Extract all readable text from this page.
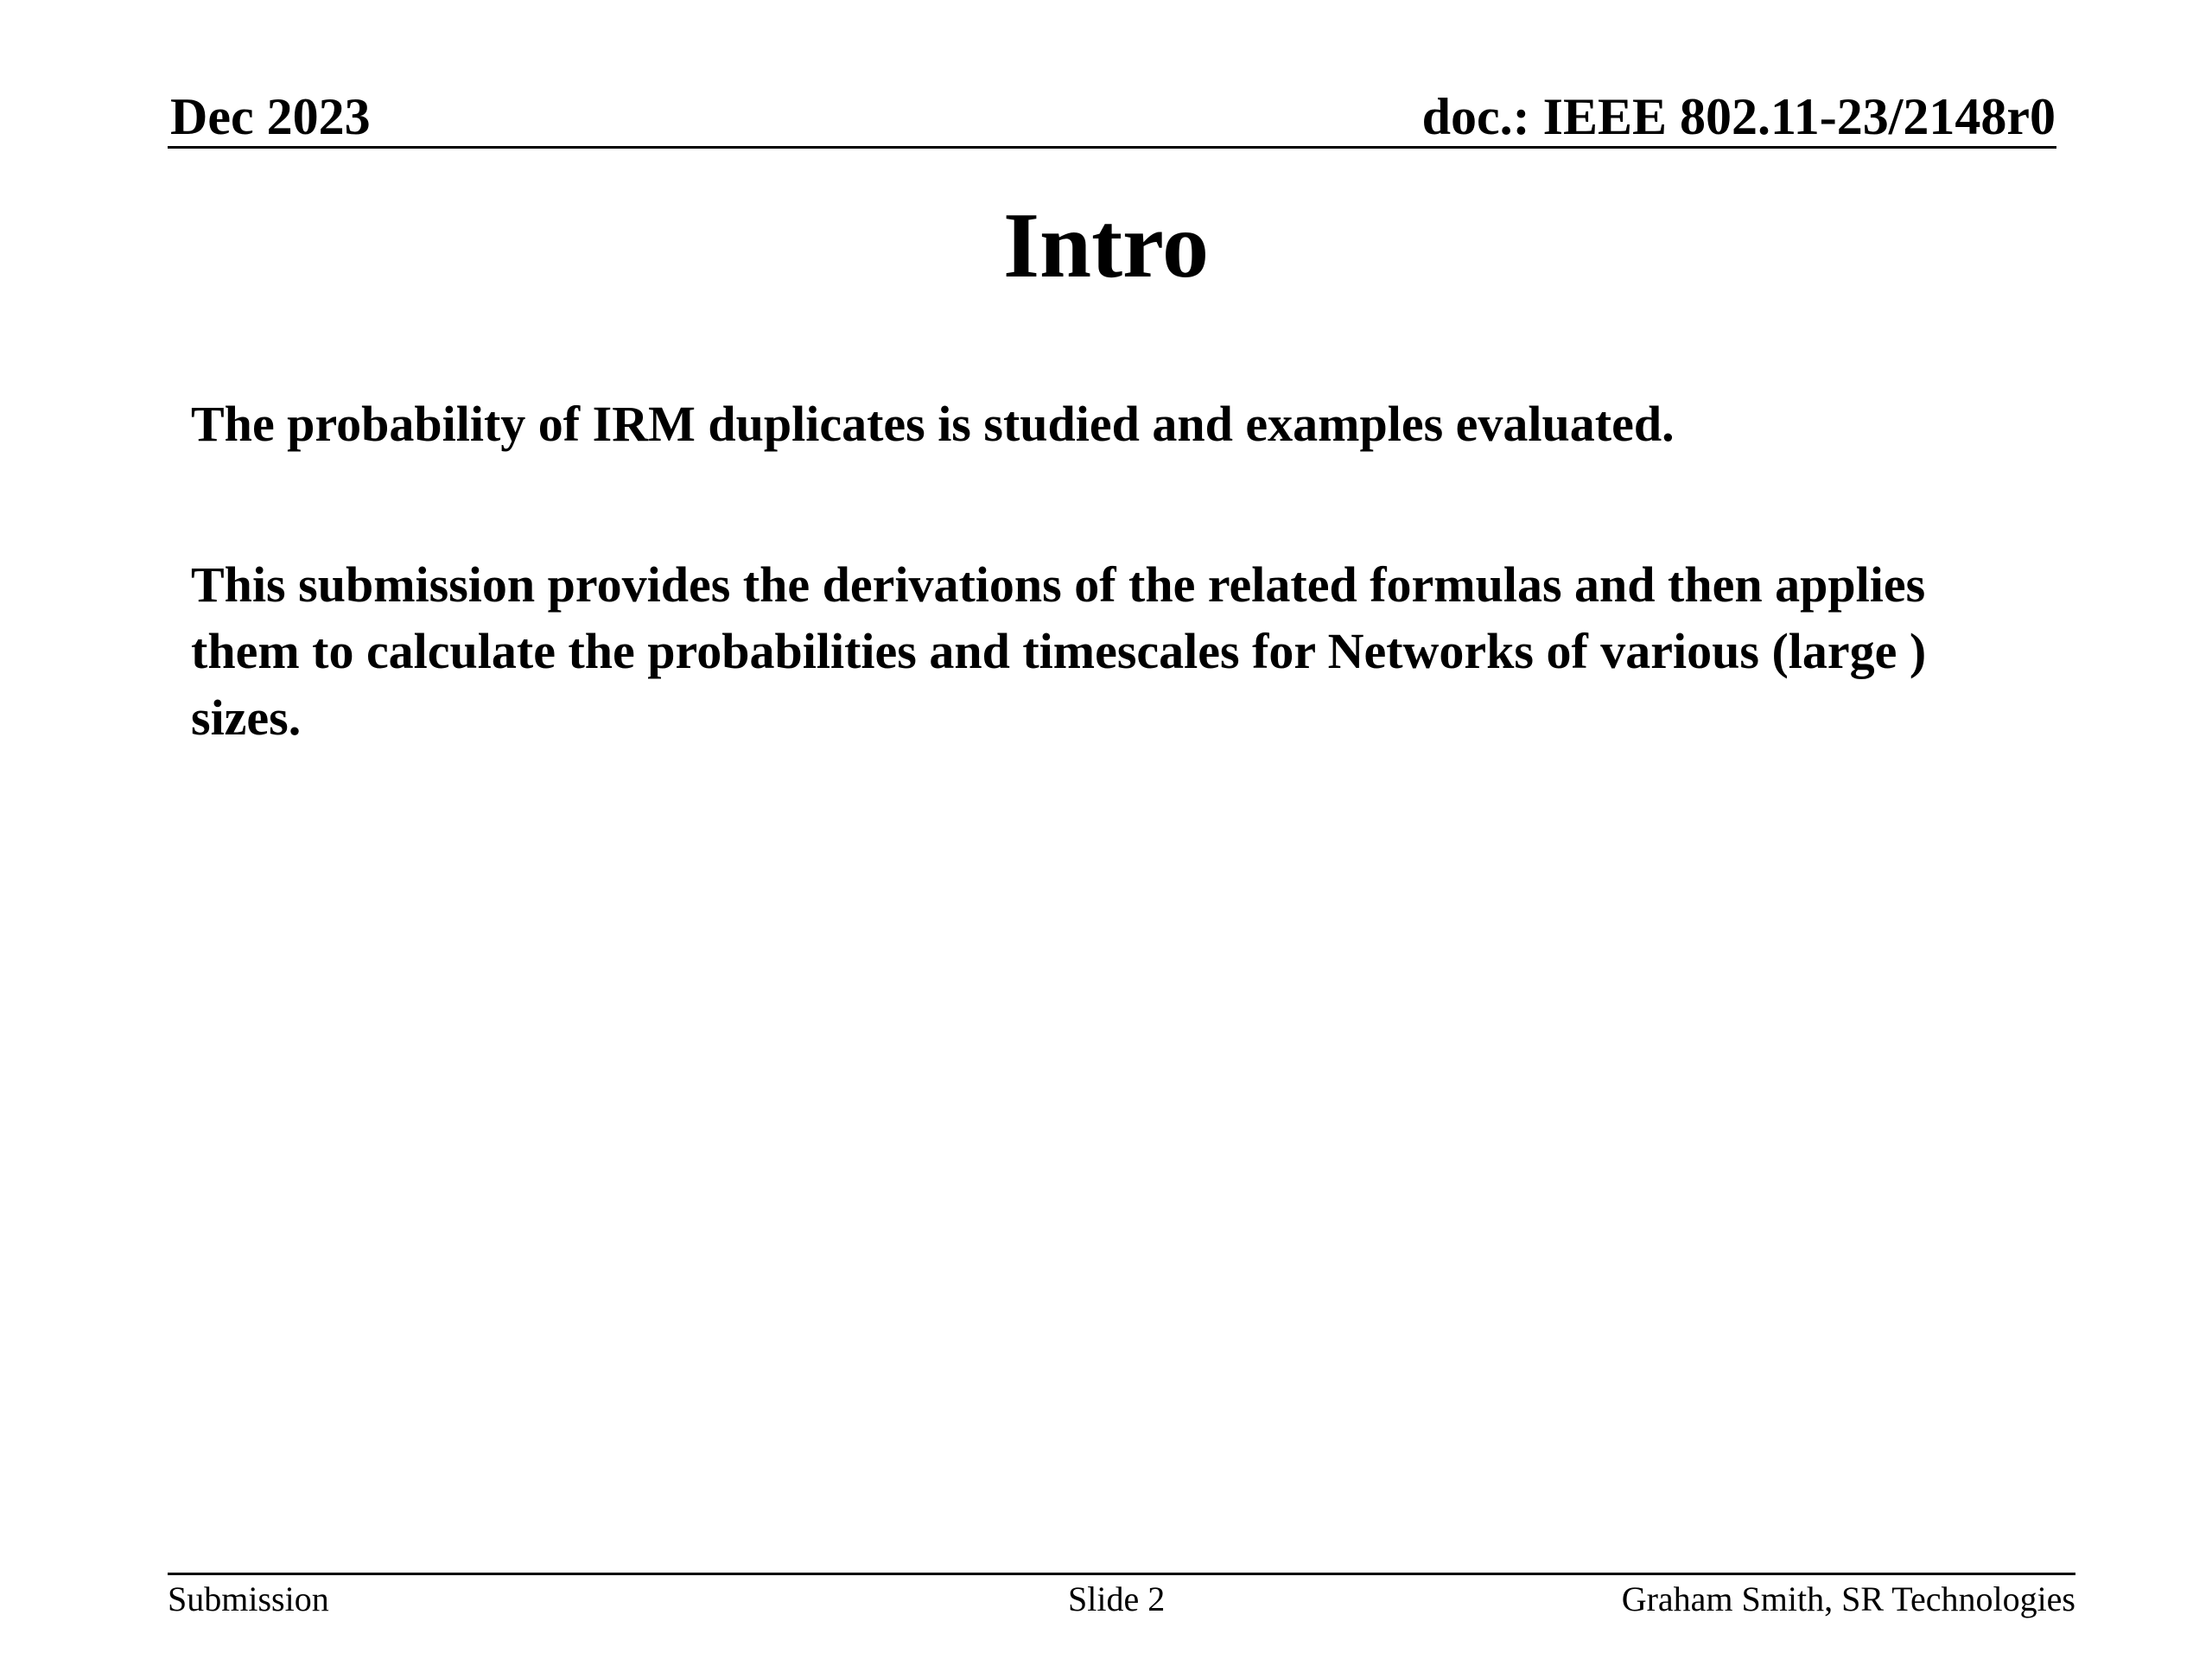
Dec 2023	doc.: IEEE 802.11-23/2148r0
Intro

The probability of IRM duplicates is studied and examples evaluated.

This submission provides the derivations of the related formulas and then applies them to calculate the probabilities and timescales for Networks of various (large ) sizes.

Submission	Slide 2	Graham Smith, SR Technologies
